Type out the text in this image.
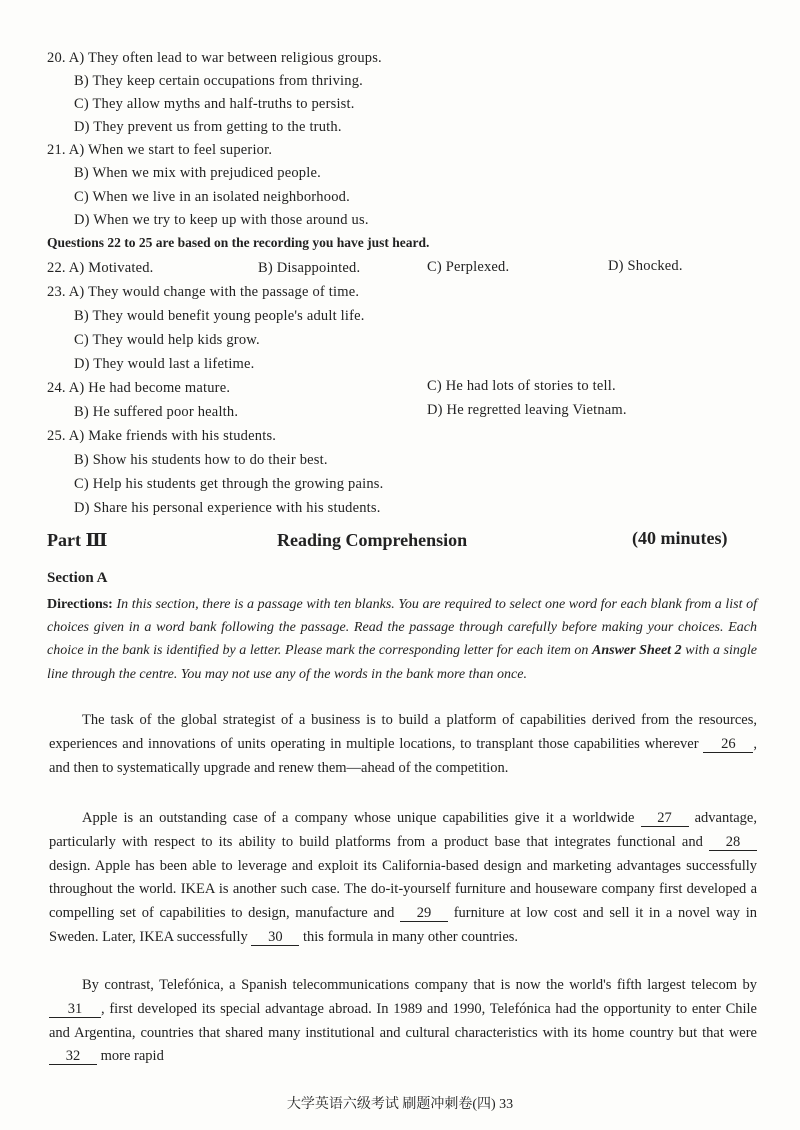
20. A) They often lead to war between religious groups.
B) They keep certain occupations from thriving.
C) They allow myths and half-truths to persist.
D) They prevent us from getting to the truth.
21. A) When we start to feel superior.
B) When we mix with prejudiced people.
C) When we live in an isolated neighborhood.
D) When we try to keep up with those around us.
Questions 22 to 25 are based on the recording you have just heard.
22. A) Motivated.	B) Disappointed.	C) Perplexed.	D) Shocked.
23. A) They would change with the passage of time.
B) They would benefit young people's adult life.
C) They would help kids grow.
D) They would last a lifetime.
24. A) He had become mature.
B) He suffered poor health.
C) He had lots of stories to tell.
D) He regretted leaving Vietnam.
25. A) Make friends with his students.
B) Show his students how to do their best.
C) Help his students get through the growing pains.
D) Share his personal experience with his students.
Part Ⅲ	Reading Comprehension	(40 minutes)
Section A
Directions: In this section, there is a passage with ten blanks. You are required to select one word for each blank from a list of choices given in a word bank following the passage. Read the passage through carefully before making your choices. Each choice in the bank is identified by a letter. Please mark the corresponding letter for each item on Answer Sheet 2 with a single line through the centre. You may not use any of the words in the bank more than once.
The task of the global strategist of a business is to build a platform of capabilities derived from the resources, experiences and innovations of units operating in multiple locations, to transplant those capabilities wherever 26 , and then to systematically upgrade and renew them—ahead of the competition.
Apple is an outstanding case of a company whose unique capabilities give it a worldwide 27 advantage, particularly with respect to its ability to build platforms from a product base that integrates functional and 28 design. Apple has been able to leverage and exploit its California-based design and marketing advantages successfully throughout the world. IKEA is another such case. The do-it-yourself furniture and houseware company first developed a compelling set of capabilities to design, manufacture and 29 furniture at low cost and sell it in a novel way in Sweden. Later, IKEA successfully 30 this formula in many other countries.
By contrast, Telefónica, a Spanish telecommunications company that is now the world's fifth largest telecom by 31 , first developed its special advantage abroad. In 1989 and 1990, Telefónica had the opportunity to enter Chile and Argentina, countries that shared many institutional and cultural characteristics with its home country but that were 32 more rapid
大学英语六级考试 刷题冲刺卷(四) 33
